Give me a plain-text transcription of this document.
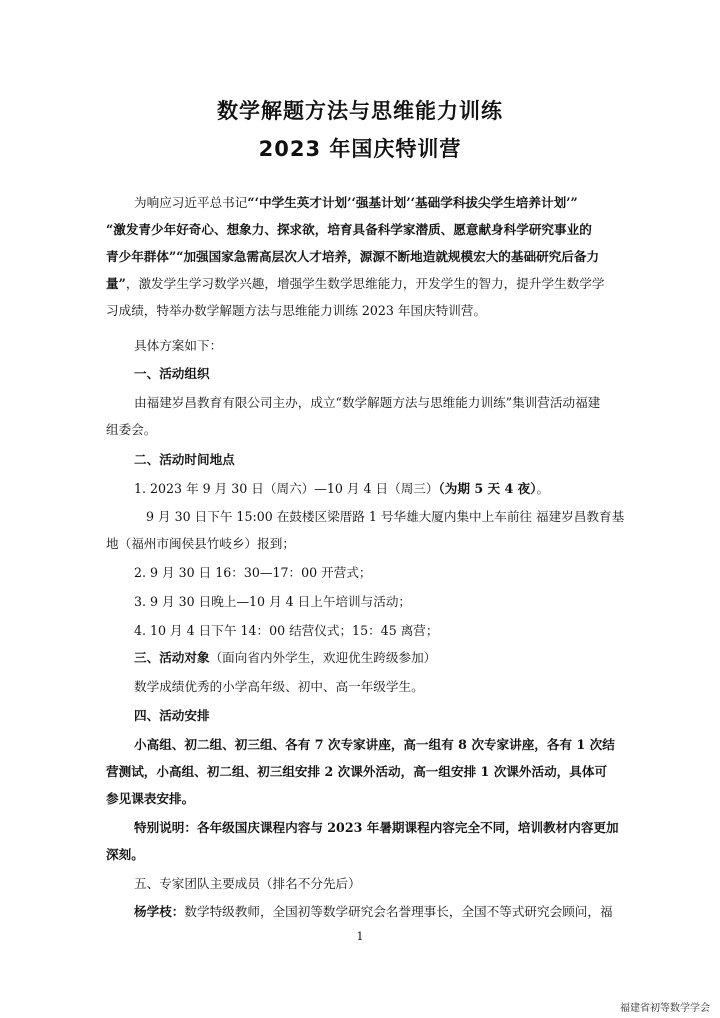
数学解题方法与思维能力训练
2023 年国庆特训营
为响应习近平总书记“‘中学生英才计划’‘强基计划’‘基础学科拔尖学生培养计划’”
“激发青少年好奇心、想象力、探求欲，培育具备科学家潜质、愿意献身科学研究事业的
青少年群体”“加强国家急需高层次人才培养，源源不断地造就规模宏大的基础研究后备力
量”，激发学生学习数学兴趣，增强学生数学思维能力，开发学生的智力，提升学生数学学
习成绩，特举办数学解题方法与思维能力训练 2023 年国庆特训营。
具体方案如下：
一、活动组织
由福建岁昌教育有限公司主办，成立“数学解题方法与思维能力训练”集训营活动福建
组委会。
二、活动时间地点
1. 2023 年 9 月 30 日（周六）—10 月 4 日（周三）（为期 5 天 4 夜）。
9 月 30 日下午 15:00 在鼓楼区梁厝路 1 号华雄大厦内集中上车前往 福建岁昌教育基
地（福州市闽侯县竹岐乡）报到；
2. 9 月 30 日 16：30—17：00 开营式；
3. 9 月 30 日晚上—10 月 4 日上午培训与活动；
4. 10 月 4 日下午 14：00 结营仪式；15：45 离营；
三、活动对象（面向省内外学生，欢迎优生跨级参加）
数学成绩优秀的小学高年级、初中、高一年级学生。
四、活动安排
小高组、初二组、初三组、各有 7 次专家讲座，高一组有 8 次专家讲座，各有 1 次结
营测试，小高组、初二组、初三组安排 2 次课外活动，高一组安排 1 次课外活动，具体可
参见课表安排。
特别说明：各年级国庆课程内容与 2023 年暑期课程内容完全不同，培训教材内容更加
深刻。
五、专家团队主要成员（排名不分先后）
杨学枝：数学特级教师，全国初等数学研究会名誉理事长，全国不等式研究会顾问，福
1
福建省初等数学学会
